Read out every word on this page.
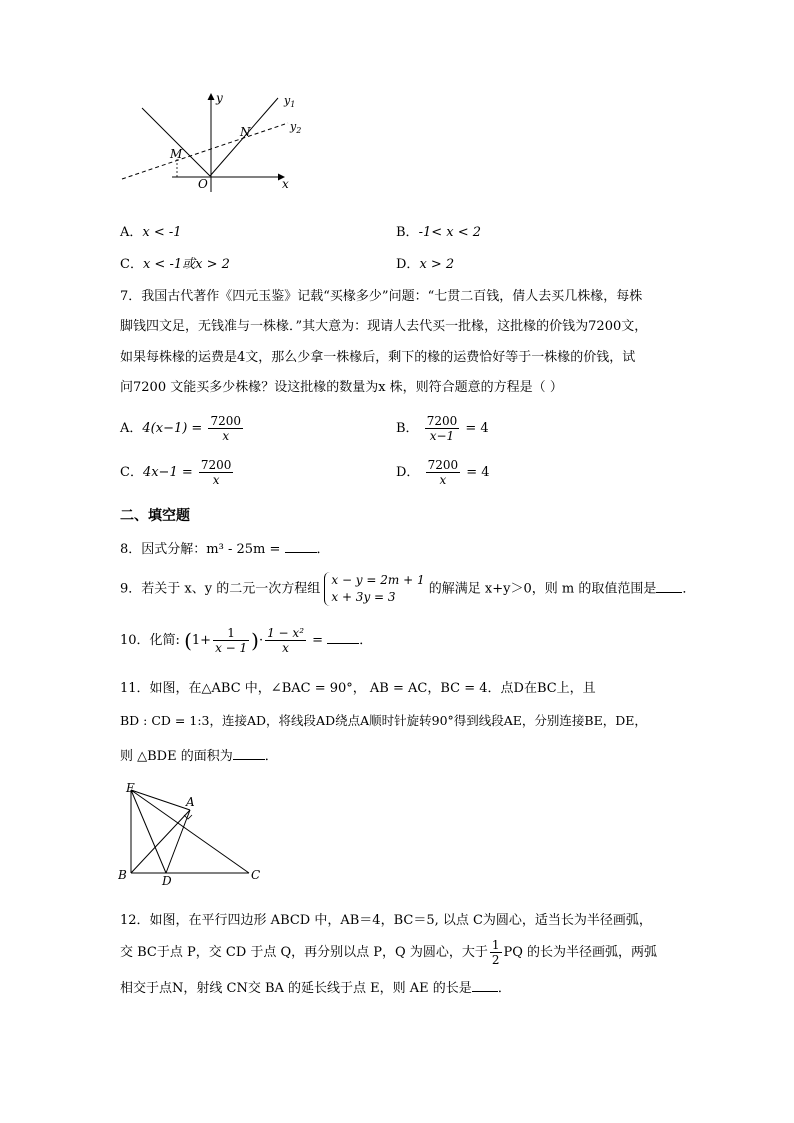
y
x
O
M
N
$y_1$
$y_2$
A．x < -1	B．-1< x < 2
C．x < -1或x > 2	D．x > 2
7．我国古代著作《四元玉鉴》记载“买椽多少”问题：“七贯二百钱，倩人去买几株椽，每株
脚钱四文足，无钱准与一株椽．”其大意为：现请人去代买一批椽，这批椽的价钱为7200文，
如果每株椽的运费是4文，那么少拿一株椽后，剩下的椽的运费恰好等于一株椽的价钱，试
问7200 文能买多少株椽？设这批椽的数量为x 株，则符合题意的方程是（ ）
A．$4(x-1) = \frac{7200}{x}$	B． $\frac{7200}{x-1} = 4$
C．$4x-1 = \frac{7200}{x}$	D． $\frac{7200}{x} = 4$
二、填空题
8．因式分解：m³ - 25m =	．
9．若关于 x、y 的二元一次方程组
x − y = 2m + 1
x + 3y = 3
的解满足 x+y＞0，则 m 的取值范围是 ．
10．化简: ($1+ \frac{1}{x - 1}$ )· $\frac{\text{1 − x²}}{x}$ =	．
11．如图，在△ABC 中，∠BAC = 90°， AB = AC，BC = 4．点D在BC上，且
BD : CD = 1:3，连接AD，将线段AD绕点A顺时针旋转90°得到线段AE，分别连接BE，DE，
则 △BDE 的面积为 ．
E
A
B	D	C
12．如图，在平行四边形 ABCD 中，AB＝4，BC＝5, 以点 C为圆心，适当长为半径画弧，
交 BC于点 P，交 CD 于点 Q，再分别以点 P，Q 为圆心，大于 $\frac{1}{2}$ PQ 的长为半径画弧，两弧
相交于点N，射线 CN交 BA 的延长线于点 E，则 AE 的长是 ．
